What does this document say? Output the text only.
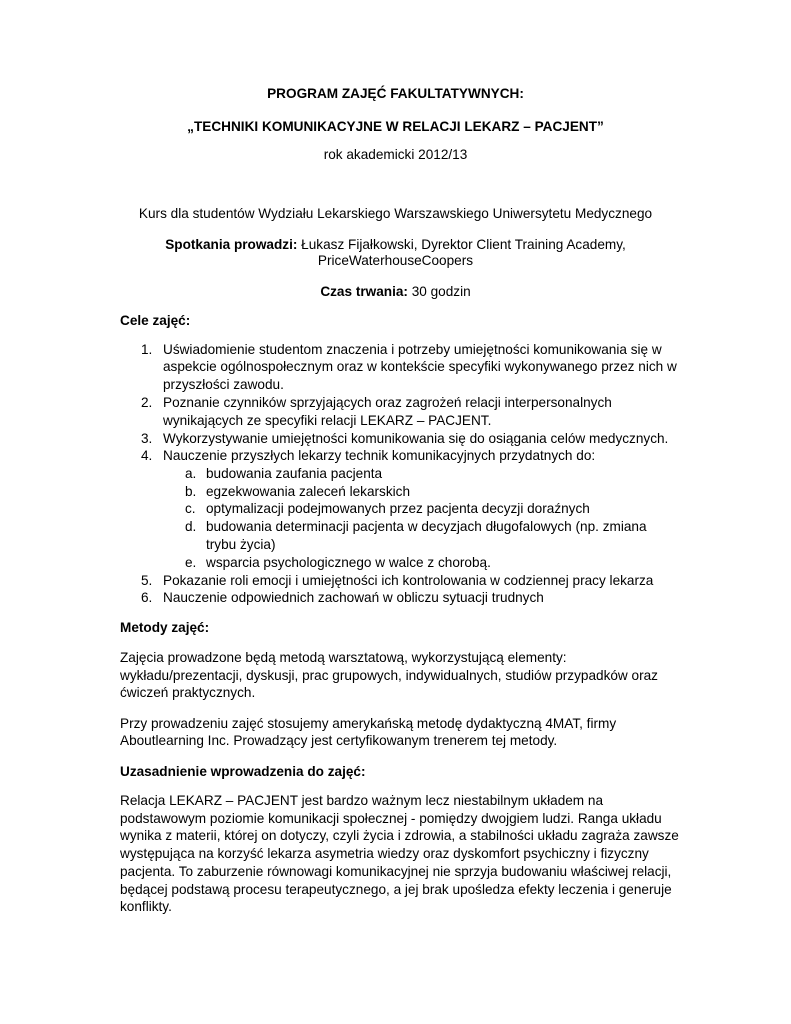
PROGRAM ZAJĘĆ FAKULTATYWNYCH:
„TECHNIKI KOMUNIKACYJNE W RELACJI LEKARZ – PACJENT”
rok akademicki 2012/13
Kurs dla studentów Wydziału Lekarskiego Warszawskiego Uniwersytetu Medycznego
Spotkania prowadzi: Łukasz Fijałkowski, Dyrektor Client Training Academy,
PriceWaterhouseCoopers
Czas trwania: 30 godzin
Cele zajęć:
1. Uświadomienie studentom znaczenia i potrzeby umiejętności komunikowania się w
aspekcie ogólnospołecznym oraz w kontekście specyfiki wykonywanego przez nich w
przyszłości zawodu.
2. Poznanie czynników sprzyjających oraz zagrożeń relacji interpersonalnych
wynikających ze specyfiki relacji LEKARZ – PACJENT.
3. Wykorzystywanie umiejętności komunikowania się do osiągania celów medycznych.
4. Nauczenie przyszłych lekarzy technik komunikacyjnych przydatnych do:
a. budowania zaufania pacjenta
b. egzekwowania zaleceń lekarskich
c. optymalizacji podejmowanych przez pacjenta decyzji doraźnych
d. budowania determinacji pacjenta w decyzjach długofalowych (np. zmiana
trybu życia)
e. wsparcia psychologicznego w walce z chorobą.
5. Pokazanie roli emocji i umiejętności ich kontrolowania w codziennej pracy lekarza
6. Nauczenie odpowiednich zachowań w obliczu sytuacji trudnych
Metody zajęć:
Zajęcia prowadzone będą metodą warsztatową, wykorzystującą elementy:
wykładu/prezentacji, dyskusji, prac grupowych, indywidualnych, studiów przypadków oraz
ćwiczeń praktycznych.
Przy prowadzeniu zajęć stosujemy amerykańską metodę dydaktyczną 4MAT, firmy
Aboutlearning Inc. Prowadzący jest certyfikowanym trenerem tej metody.
Uzasadnienie wprowadzenia do zajęć:
Relacja LEKARZ – PACJENT jest bardzo ważnym lecz niestabilnym układem na
podstawowym poziomie komunikacji społecznej - pomiędzy dwojgiem ludzi. Ranga układu
wynika z materii, której on dotyczy, czyli życia i zdrowia, a stabilności układu zagraża zawsze
występująca na korzyść lekarza asymetria wiedzy oraz dyskomfort psychiczny i fizyczny
pacjenta. To zaburzenie równowagi komunikacyjnej nie sprzyja budowaniu właściwej relacji,
będącej podstawą procesu terapeutycznego, a jej brak upośledza efekty leczenia i generuje
konflikty.
